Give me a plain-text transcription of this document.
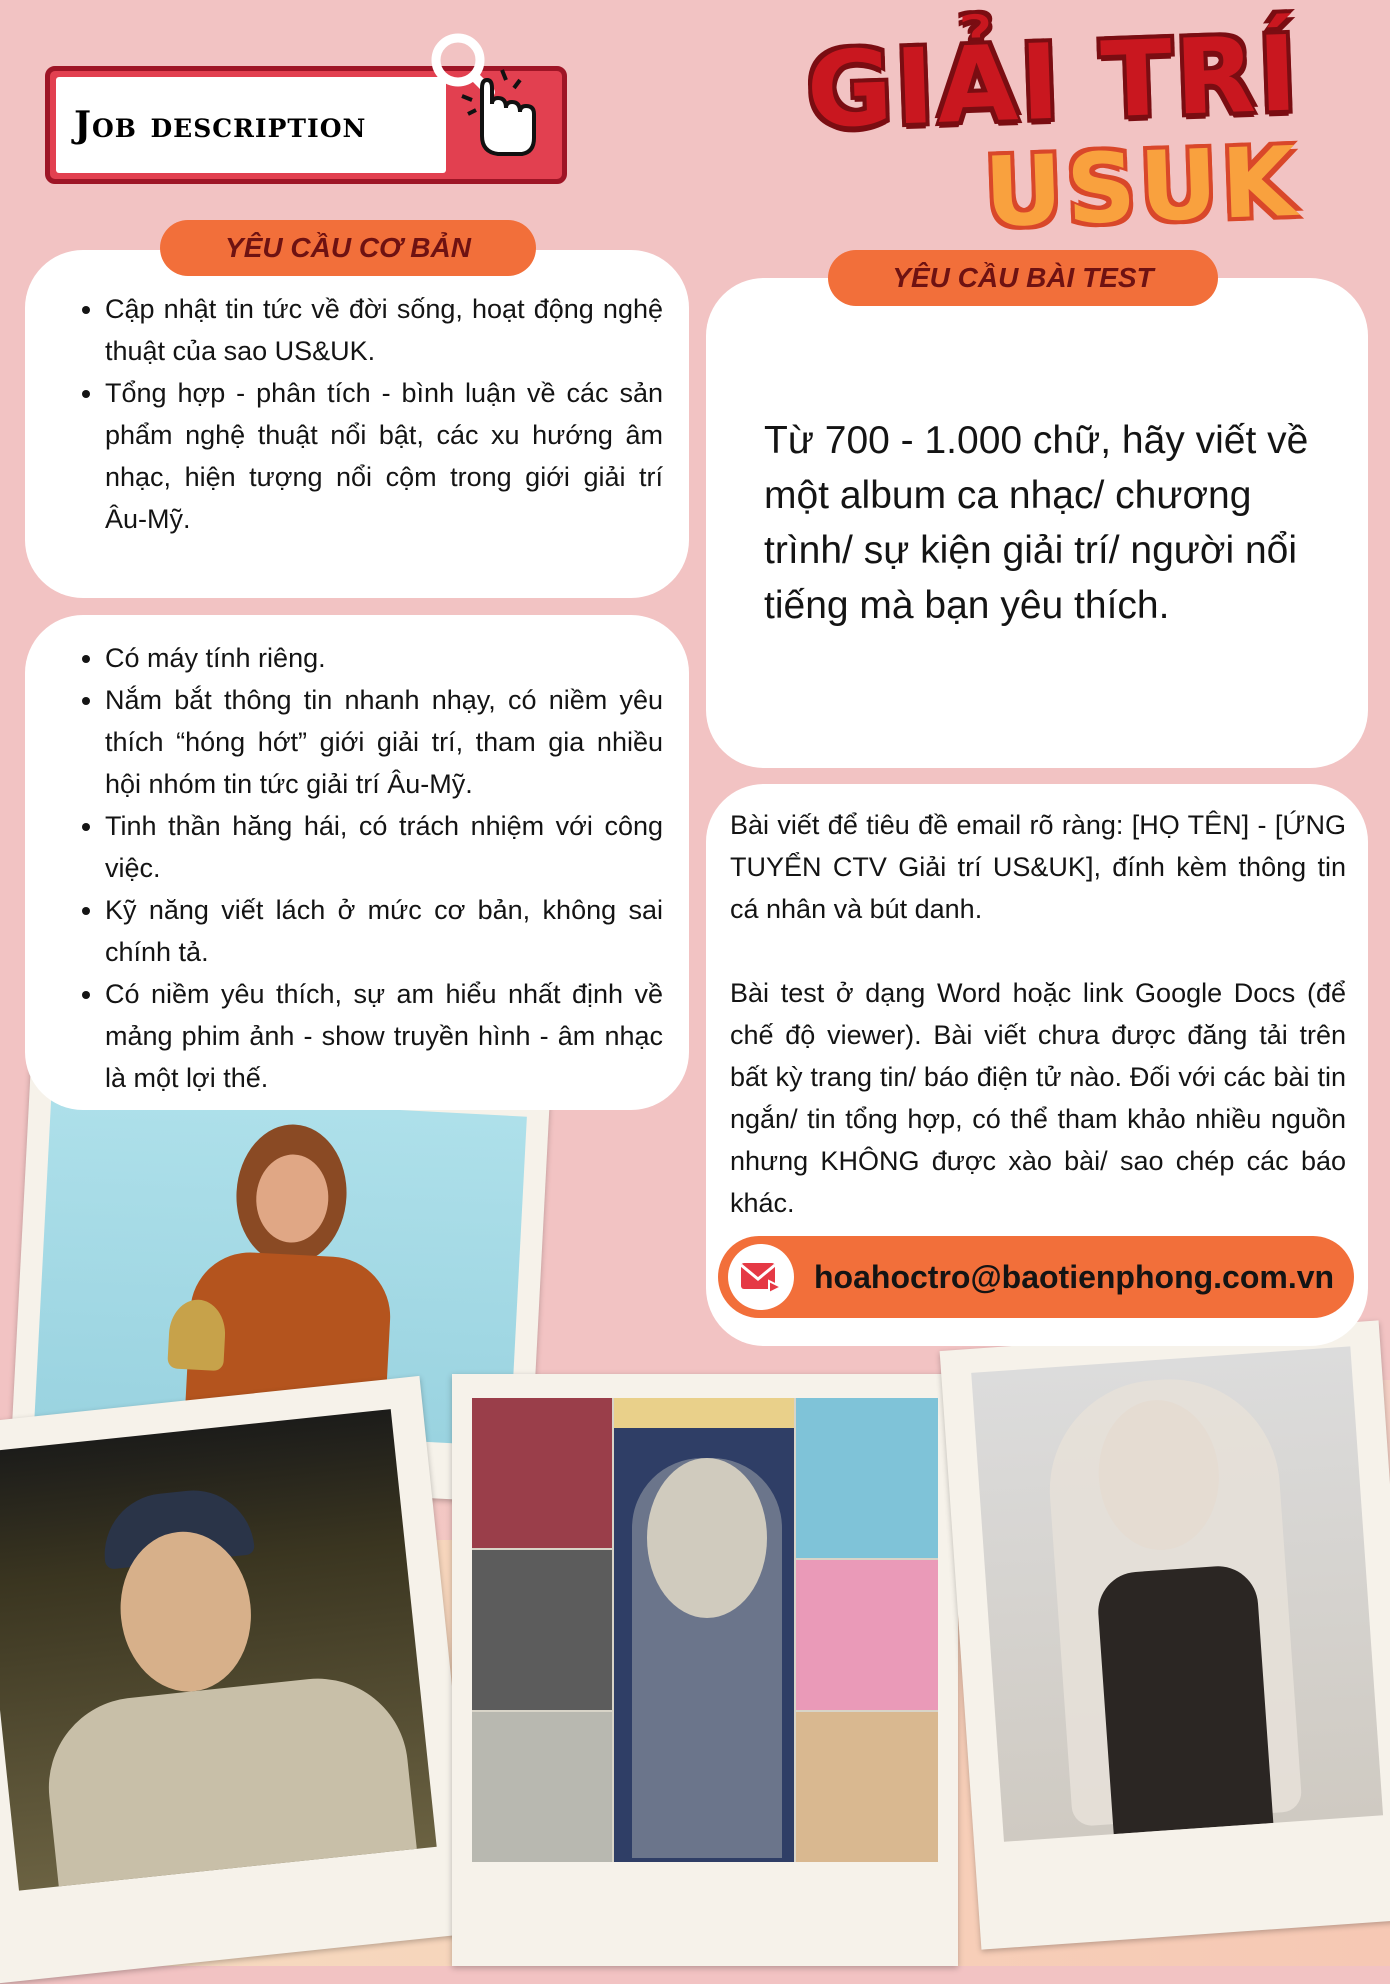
GIẢI TRÍ
USUK
Job description
YÊU CẦU CƠ BẢN
• Cập nhật tin tức về đời sống, hoạt động nghệ thuật của sao US&UK.
• Tổng hợp - phân tích - bình luận về các sản phẩm nghệ thuật nổi bật, các xu hướng âm nhạc, hiện tượng nổi cộm trong giới giải trí Âu-Mỹ.
• Có máy tính riêng.
• Nắm bắt thông tin nhanh nhạy, có niềm yêu thích “hóng hớt” giới giải trí, tham gia nhiều hội nhóm tin tức giải trí Âu-Mỹ.
• Tinh thần hăng hái, có trách nhiệm với công việc.
• Kỹ năng viết lách ở mức cơ bản, không sai chính tả.
• Có niềm yêu thích, sự am hiểu nhất định về mảng phim ảnh - show truyền hình - âm nhạc là một lợi thế.
YÊU CẦU BÀI TEST
Từ 700 - 1.000 chữ, hãy viết về một album ca nhạc/ chương trình/ sự kiện giải trí/ người nổi tiếng mà bạn yêu thích.

Bài viết để tiêu đề email rõ ràng: [HỌ TÊN] - [ỨNG TUYỂN CTV Giải trí US&UK], đính kèm thông tin cá nhân và bút danh.

Bài test ở dạng Word hoặc link Google Docs (để chế độ viewer). Bài viết chưa được đăng tải trên bất kỳ trang tin/ báo điện tử nào. Đối với các bài tin ngắn/ tin tổng hợp, có thể tham khảo nhiều nguồn nhưng KHÔNG được xào bài/ sao chép các báo khác.

hoahoctro@baotienphong.com.vn
